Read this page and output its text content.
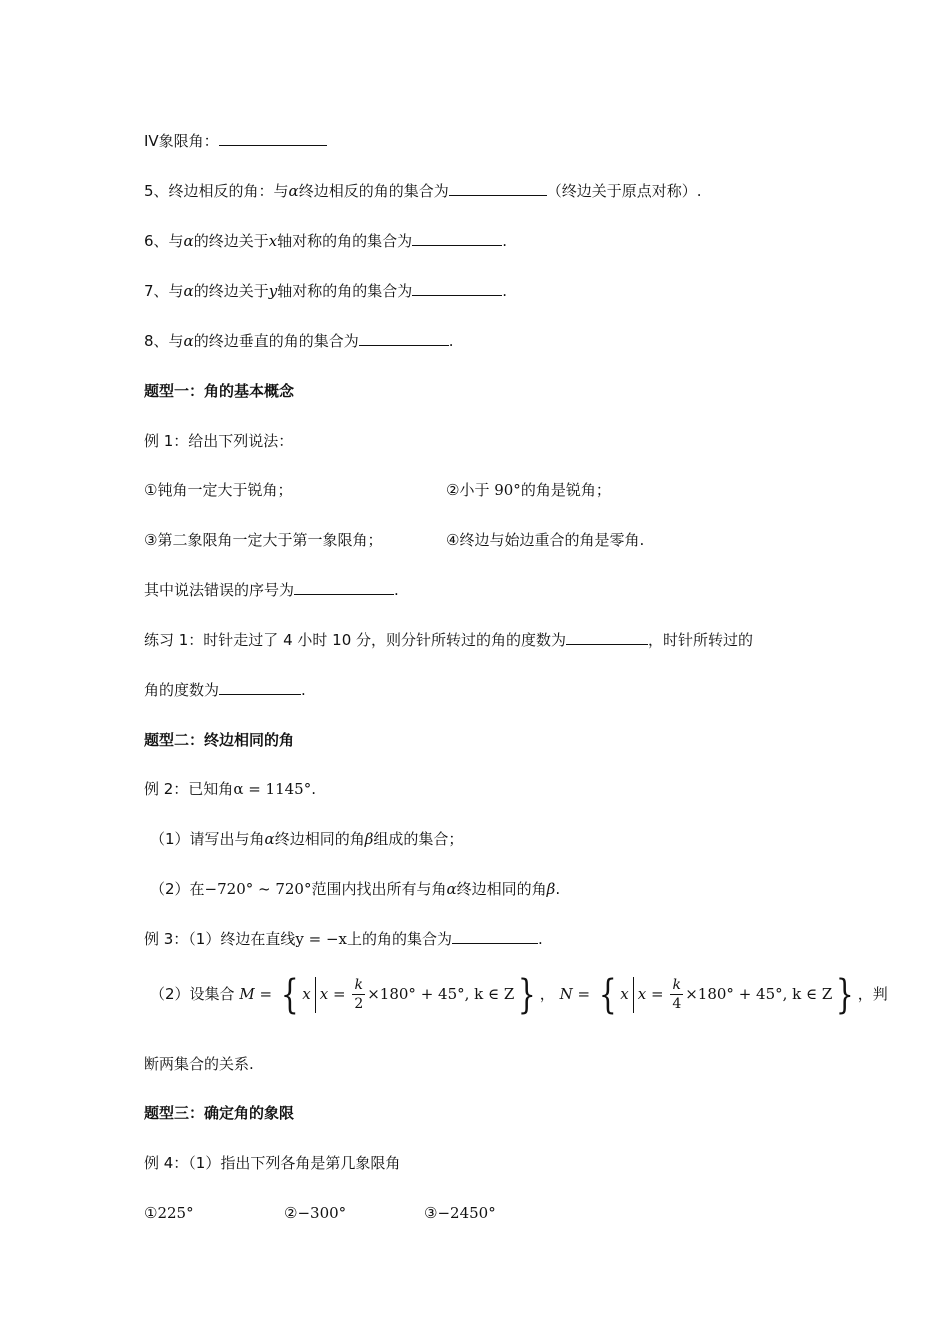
IV象限角：
5、终边相反的角：与α终边相反的角的集合为	（终边关于原点对称）.
6、与α的终边关于x轴对称的角的集合为	.
7、与α的终边关于y轴对称的角的集合为	.
8、与α的终边垂直的角的集合为	.
题型一：角的基本概念
例 1：给出下列说法：
①钝角一定大于锐角；	②小于 90°的角是锐角；
③第二象限角一定大于第一象限角；	④终边与始边重合的角是零角.
其中说法错误的序号为	.
练习 1：时针走过了 4 小时 10 分，则分针所转过的角的度数为	，时针所转过的
角的度数为	.
题型二：终边相同的角
例 2：已知角α = 1145°.
（1）请写出与角α终边相同的角β组成的集合；
（2）在−720° ~ 720°范围内找出所有与角α终边相同的角β.
例 3：（1）终边在直线y = −x上的角的集合为	.
（2）设集合 M = { x $x = \frac{k}{2} \times 180^\circ + 45^\circ$, k ∈ Z} ， N = { x $x = \frac{k}{4} \times 180^\circ + 45^\circ$, k ∈ Z} ，判
断两集合的关系.
题型三：确定角的象限
例 4：（1）指出下列各角是第几象限角
①225°	②−300°	③−2450°
